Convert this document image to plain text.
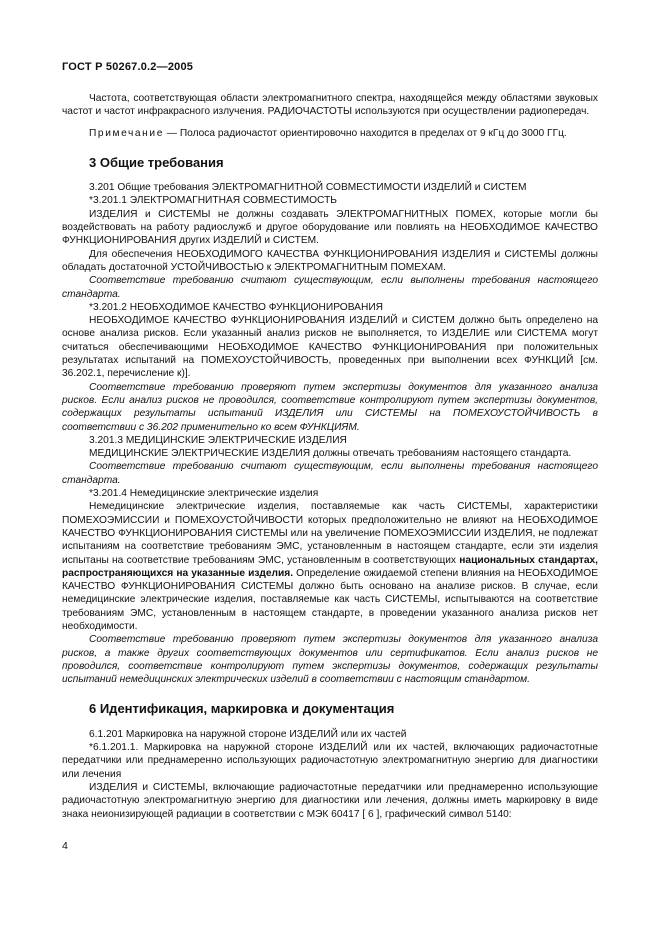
ГОСТ Р 50267.0.2—2005

Частота, соответствующая области электромагнитного спектра, находящейся между областями звуковых частот и частот инфракрасного излучения. РАДИОЧАСТОТЫ используются при осуществлении радиопередач.

Примечание — Полоса радиочастот ориентировочно находится в пределах от 9 кГц до 3000 ГГц.

3 Общие требования

3.201 Общие требования ЭЛЕКТРОМАГНИТНОЙ СОВМЕСТИМОСТИ ИЗДЕЛИЙ и СИСТЕМ

*3.201.1 ЭЛЕКТРОМАГНИТНАЯ СОВМЕСТИМОСТЬ

ИЗДЕЛИЯ и СИСТЕМЫ не должны создавать ЭЛЕКТРОМАГНИТНЫХ ПОМЕХ, которые могли бы воздействовать на работу радиослужб и другое оборудование или повлиять на НЕОБХОДИМОЕ КАЧЕСТВО ФУНКЦИОНИРОВАНИЯ других ИЗДЕЛИЙ и СИСТЕМ.

Для обеспечения НЕОБХОДИМОГО КАЧЕСТВА ФУНКЦИОНИРОВАНИЯ ИЗДЕЛИЯ и СИСТЕМЫ должны обладать достаточной УСТОЙЧИВОСТЬЮ к ЭЛЕКТРОМАГНИТНЫМ ПОМЕХАМ.

Соответствие требованию считают существующим, если выполнены требования настоящего стандарта.

*3.201.2 НЕОБХОДИМОЕ КАЧЕСТВО ФУНКЦИОНИРОВАНИЯ

НЕОБХОДИМОЕ КАЧЕСТВО ФУНКЦИОНИРОВАНИЯ ИЗДЕЛИЙ и СИСТЕМ должно быть определено на основе анализа рисков. Если указанный анализ рисков не выполняется, то ИЗДЕЛИЕ или СИСТЕМА могут считаться обеспечивающими НЕОБХОДИМОЕ КАЧЕСТВО ФУНКЦИОНИРОВАНИЯ при положительных результатах испытаний на ПОМЕХОУСТОЙЧИВОСТЬ, проведенных при выполнении всех ФУНКЦИЙ [см. 36.202.1, перечисление к)].

Соответствие требованию проверяют путем экспертизы документов для указанного анализа рисков. Если анализ рисков не проводился, соответствие контролируют путем экспертизы документов, содержащих результаты испытаний ИЗДЕЛИЯ или СИСТЕМЫ на ПОМЕХОУСТОЙЧИВОСТЬ в соответствии с 36.202 применительно ко всем ФУНКЦИЯМ.

3.201.3 МЕДИЦИНСКИЕ ЭЛЕКТРИЧЕСКИЕ ИЗДЕЛИЯ

МЕДИЦИНСКИЕ ЭЛЕКТРИЧЕСКИЕ ИЗДЕЛИЯ должны отвечать требованиям настоящего стандарта.

Соответствие требованию считают существующим, если выполнены требования настоящего стандарта.

*3.201.4 Немедицинские электрические изделия

Немедицинские электрические изделия, поставляемые как часть СИСТЕМЫ, характеристики ПОМЕХОЭМИССИИ и ПОМЕХОУСТОЙЧИВОСТИ которых предположительно не влияют на НЕОБХОДИМОЕ КАЧЕСТВО ФУНКЦИОНИРОВАНИЯ СИСТЕМЫ или на увеличение ПОМЕХОЭМИССИИ ИЗДЕЛИЯ, не подлежат испытаниям на соответствие требованиям ЭМС, установленным в настоящем стандарте, если эти изделия испытаны на соответствие требованиям ЭМС, установленным в соответствующих национальных стандартах, распространяющихся на указанные изделия. Определение ожидаемой степени влияния на НЕОБХОДИМОЕ КАЧЕСТВО ФУНКЦИОНИРОВАНИЯ СИСТЕМЫ должно быть основано на анализе рисков. В случае, если немедицинские электрические изделия, поставляемые как часть СИСТЕМЫ, испытываются на соответствие требованиям ЭМС, установленным в настоящем стандарте, в проведении указанного анализа рисков нет необходимости.

Соответствие требованию проверяют путем экспертизы документов для указанного анализа рисков, а также других соответствующих документов или сертификатов. Если анализ рисков не проводился, соответствие контролируют путем экспертизы документов, содержащих результаты испытаний немедицинских электрических изделий в соответствии с настоящим стандартом.

6 Идентификация, маркировка и документация

6.1.201 Маркировка на наружной стороне ИЗДЕЛИЙ или их частей

*6.1.201.1. Маркировка на наружной стороне ИЗДЕЛИЙ или их частей, включающих радиочастотные передатчики или преднамеренно использующих радиочастотную электромагнитную энергию для диагностики или лечения

ИЗДЕЛИЯ и СИСТЕМЫ, включающие радиочастотные передатчики или преднамеренно использующие радиочастотную электромагнитную энергию для диагностики или лечения, должны иметь маркировку в виде знака неионизирующей радиации в соответствии с МЭК 60417 [ 6 ], графический символ 5140:

4
